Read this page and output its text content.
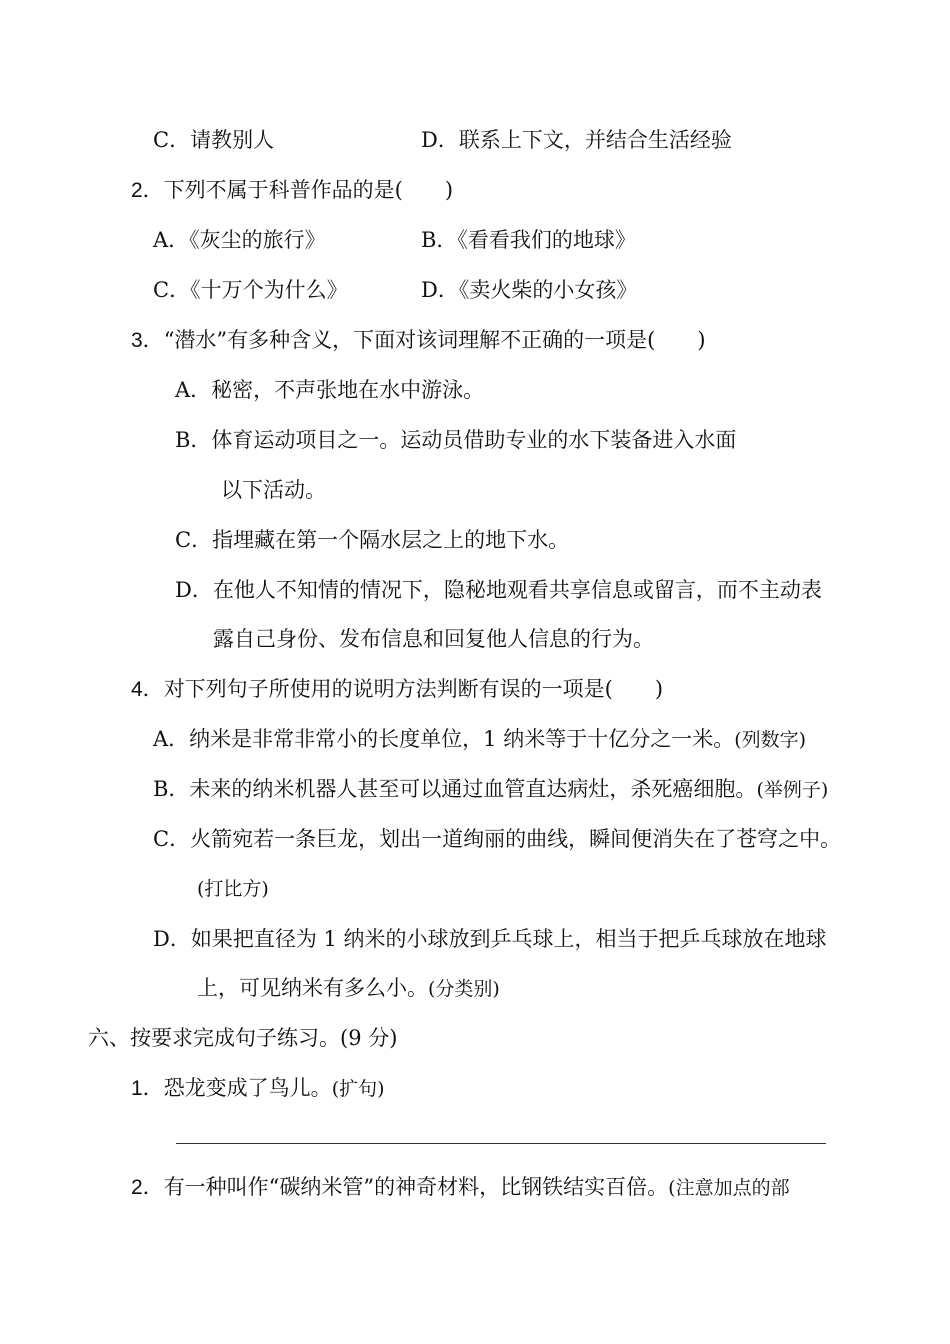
C．请教别人	D．联系上下文，并结合生活经验
2．下列不属于科普作品的是(　　)
A．《灰尘的旅行》	B．《看看我们的地球》
C．《十万个为什么》	D．《卖火柴的小女孩》
3．“潜水”有多种含义，下面对该词理解不正确的一项是(　　)
A．秘密，不声张地在水中游泳。
B．体育运动项目之一。运动员借助专业的水下装备进入水面
以下活动。
C．指埋藏在第一个隔水层之上的地下水。
D．在他人不知情的情况下，隐秘地观看共享信息或留言，而不主动表
露自己身份、发布信息和回复他人信息的行为。
4．对下列句子所使用的说明方法判断有误的一项是(　　)
A．纳米是非常非常小的长度单位，1 纳米等于十亿分之一米。(列数字)
B．未来的纳米机器人甚至可以通过血管直达病灶，杀死癌细胞。(举例子)
C．火箭宛若一条巨龙，划出一道绚丽的曲线，瞬间便消失在了苍穹之中。
(打比方)
D．如果把直径为 1 纳米的小球放到乒乓球上，相当于把乒乓球放在地球
上，可见纳米有多么小。(分类别)
六、按要求完成句子练习。(9 分)
1．恐龙变成了鸟儿。(扩句)
2．有一种叫作“碳纳米管”的神奇材料，比钢铁结实百倍。(注意加点的部
